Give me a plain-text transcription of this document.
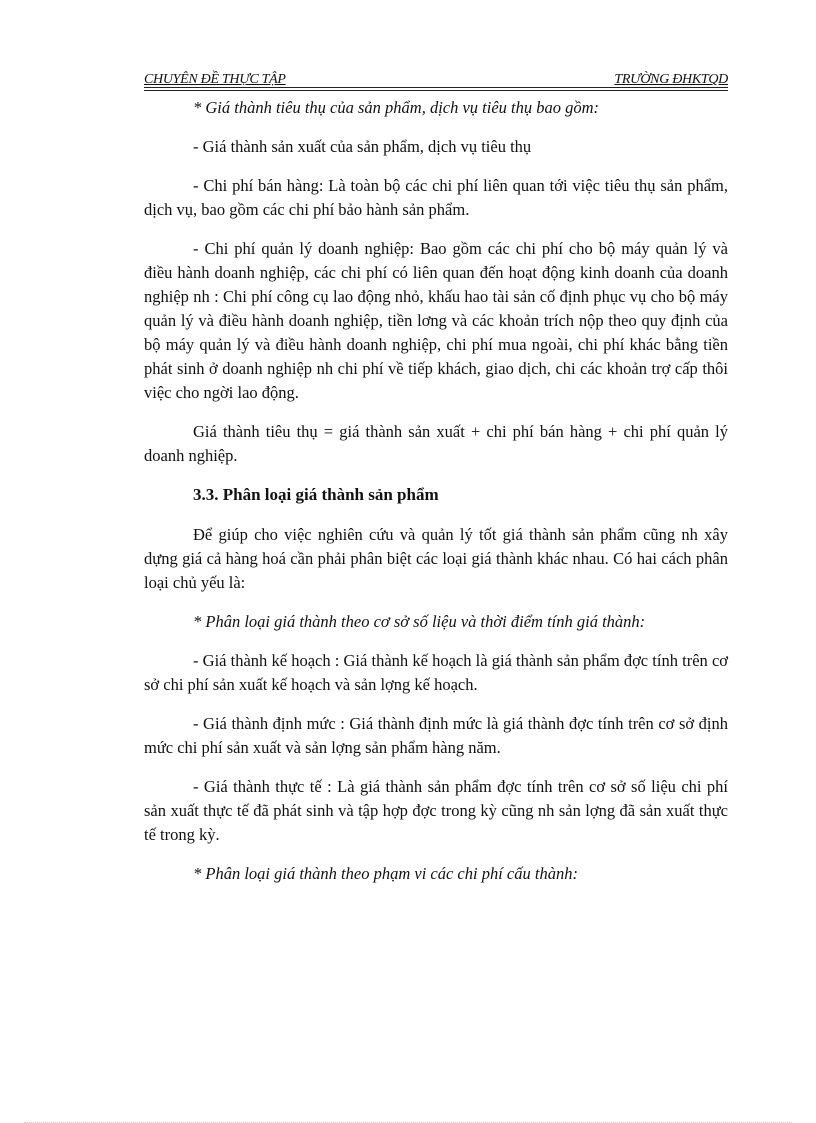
CHUYÊN ĐỀ THỰC TẬP	TRƯỜNG ĐHKTQD

* Giá thành tiêu thụ của sản phẩm, dịch vụ tiêu thụ bao gồm:

- Giá thành sản xuất của sản phẩm, dịch vụ tiêu thụ

- Chi phí bán hàng: Là toàn bộ các chi phí liên quan tới việc tiêu thụ sản phẩm, dịch vụ, bao gồm các chi phí bảo hành sản phẩm.

- Chi phí quản lý doanh nghiệp: Bao gồm các chi phí cho bộ máy quản lý và điều hành doanh nghiệp, các chi phí có liên quan đến hoạt động kinh doanh của doanh nghiệp nh : Chi phí công cụ lao động nhỏ, khấu hao tài sản cố định phục vụ cho bộ máy quản lý và điều hành doanh nghiệp, tiền lơng và các khoản trích nộp theo quy định của bộ máy quản lý và điều hành doanh nghiệp, chi phí mua ngoài, chi phí khác bằng tiền phát sinh ở doanh nghiệp nh chi phí về tiếp khách, giao dịch, chi các khoản trợ cấp thôi việc cho ngời lao động.

Giá thành tiêu thụ = giá thành sản xuất + chi phí bán hàng + chi phí quản lý doanh nghiệp.

3.3. Phân loại giá thành sản phẩm

Để giúp cho việc nghiên cứu và quản lý tốt giá thành sản phẩm cũng nh xây dựng giá cả hàng hoá cần phải phân biệt các loại giá thành khác nhau. Có hai cách phân loại chủ yếu là:

* Phân loại giá thành theo cơ sở số liệu và thời điểm tính giá thành:

- Giá thành kế hoạch : Giá thành kế hoạch là giá thành sản phẩm đợc tính trên cơ sở chi phí sản xuất kế hoạch và sản lợng kế hoạch.

- Giá thành định mức : Giá thành định mức là giá thành đợc tính trên cơ sở định mức chi phí sản xuất và sản lợng sản phẩm hàng năm.

- Giá thành thực tế : Là giá thành sản phẩm đợc tính trên cơ sở số liệu chi phí sản xuất thực tế đã phát sinh và tập hợp đợc trong kỳ cũng nh sản lợng đã sản xuất thực tế trong kỳ.

* Phân loại giá thành theo phạm vi các chi phí cấu thành:
